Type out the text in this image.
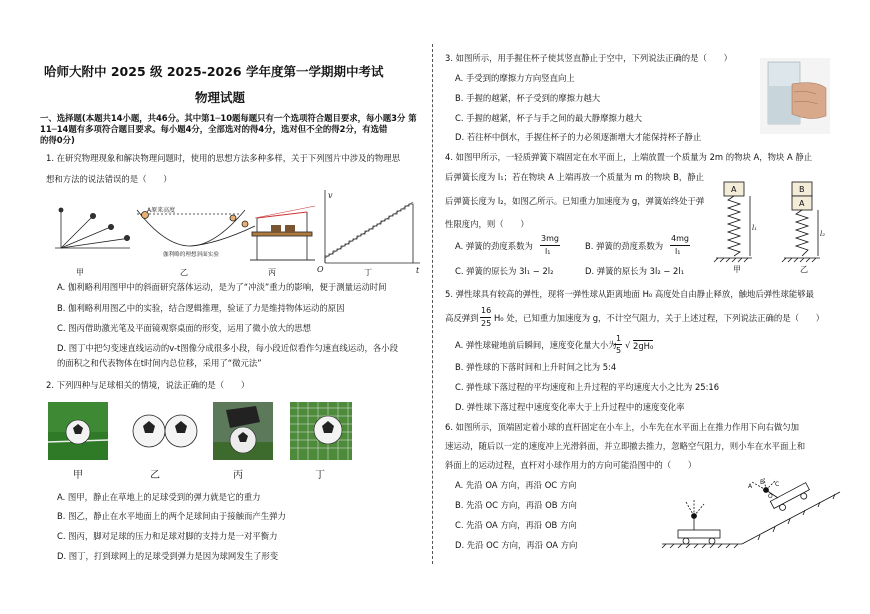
哈师大附中 2025 级 2025-2026 学年度第一学期期中考试
物理试题
一、选择题(本题共14小题，共46分。其中第1─10题每题只有一个选项符合题目要求，每小题3分 第
11─14题有多项符合题目要求。每小题4分，全部选对的得4分，选对但不全的得2分，有选错
的得0分)
1. 在研究物理现象和解决物理问题时，使用的思想方法多种多样，关于下列图片中涉及的物理思
想和方法的说法错误的是（　　）
A原来高度
伽利略的理想斜面实验
v
t
O
甲	乙	丙	丁
A. 伽利略利用图甲中的斜面研究落体运动，是为了“冲淡”重力的影响，便于测量运动时间
B. 伽利略利用图乙中的实验，结合逻辑推理，验证了力是维持物体运动的原因
C. 图丙借助激光笔及平面镜观察桌面的形变，运用了微小放大的思想
D. 图丁中把匀变速直线运动的v-t图像分成很多小段，每小段近似看作匀速直线运动，各小段
的面积之和代表物体在t时间内总位移，采用了“微元法”
2. 下列四种与足球相关的情境，说法正确的是（　　）
甲	乙	丙	丁
A. 图甲，静止在草地上的足球受到的弹力就是它的重力
B. 图乙，静止在水平地面上的两个足球间由于接触而产生弹力
C. 图丙，脚对足球的压力和足球对脚的支持力是一对平衡力
D. 图丁，打到球网上的足球受到弹力是因为球网发生了形变
3. 如图所示，用手握住杯子使其竖直静止于空中，下列说法正确的是（　　）
A. 手受到的摩擦力方向竖直向上
B. 手握的越紧，杯子受到的摩擦力越大
C. 手握的越紧，杯子与手之间的最大静摩擦力越大
D. 若往杯中倒水，手握住杯子的力必须逐渐增大才能保持杯子静止
4. 如图甲所示，一轻质弹簧下端固定在水平面上，上端放置一个质量为 2m 的物块 A，物块 A 静止
后弹簧长度为 l₁；若在物块 A 上端再放一个质量为 m 的物块 B，静止
后弹簧长度为 l₂，如图乙所示。已知重力加速度为 g，弹簧始终处于弹
性限度内，则（　　）
A. 弹簧的劲度系数为
3mg
l₁
B. 弹簧的劲度系数为
4mg
l₁
C. 弹簧的原长为 3l₁ − 2l₂	D. 弹簧的原长为 3l₂ − 2l₁
A	B
A
l₁
l₂
甲	乙
5. 弹性球具有较高的弹性，现将一弹性球从距离地面 H₀ 高度处自由静止释放，触地后弹性球能够最
高反弹到
16
25
H₀ 处，已知重力加速度为 g，不计空气阻力，关于上述过程，下列说法正确的是（　　）
A. 弹性球碰地前后瞬间，速度变化量大小为
1
5
√ 2gH₀
B. 弹性球的下落时间和上升时间之比为 5:4
C. 弹性球下落过程的平均速度和上升过程的平均速度大小之比为 25:16
D. 弹性球下落过程中速度变化率大于上升过程中的速度变化率
6. 如图所示，顶端固定着小球的直杆固定在小车上，小车先在水平面上在推力作用下向右做匀加
速运动，随后以一定的速度冲上光滑斜面，并立即撤去推力，忽略空气阻力，则小车在水平面上和
斜面上的运动过程，直杆对小球作用力的方向可能沿图中的（　　）
A. 先沿 OA 方向，再沿 OC 方向
B. 先沿 OC 方向，再沿 OB 方向
C. 先沿 OA 方向，再沿 OB 方向
D. 先沿 OC 方向，再沿 OA 方向
A
B C
O
